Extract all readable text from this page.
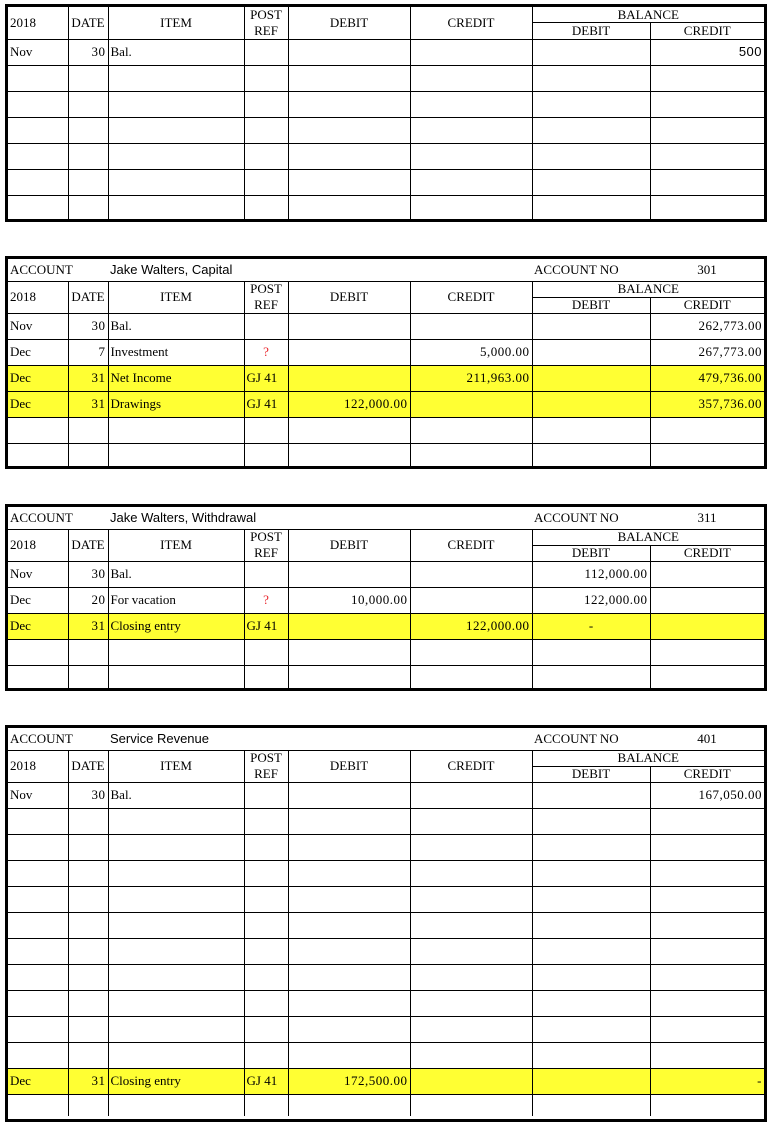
2018	DATE	ITEM	POST	DEBIT	CREDIT	BALANCE	
			REF			DEBIT	CREDIT
Nov	30	Bal.					500

ACCOUNT		Jake Walters, Capital				ACCOUNT NO	301
2018	DATE	ITEM	POST	DEBIT	CREDIT	BALANCE	
			REF			DEBIT	CREDIT
Nov	30	Bal.					262,773.00
Dec	7	Investment	?		5,000.00		267,773.00
Dec	31	Net Income	GJ 41		211,963.00		479,736.00
Dec	31	Drawings	GJ 41	122,000.00			357,736.00

ACCOUNT		Jake Walters, Withdrawal				ACCOUNT NO	311
2018	DATE	ITEM	POST	DEBIT	CREDIT	BALANCE	
			REF			DEBIT	CREDIT
Nov	30	Bal.				112,000.00	
Dec	20	For vacation	?	10,000.00		122,000.00	
Dec	31	Closing entry	GJ 41		122,000.00	-	

ACCOUNT		Service Revenue				ACCOUNT NO	401
2018	DATE	ITEM	POST	DEBIT	CREDIT	BALANCE	
			REF			DEBIT	CREDIT
Nov	30	Bal.					167,050.00

Dec	31	Closing entry	GJ 41	172,500.00			-
